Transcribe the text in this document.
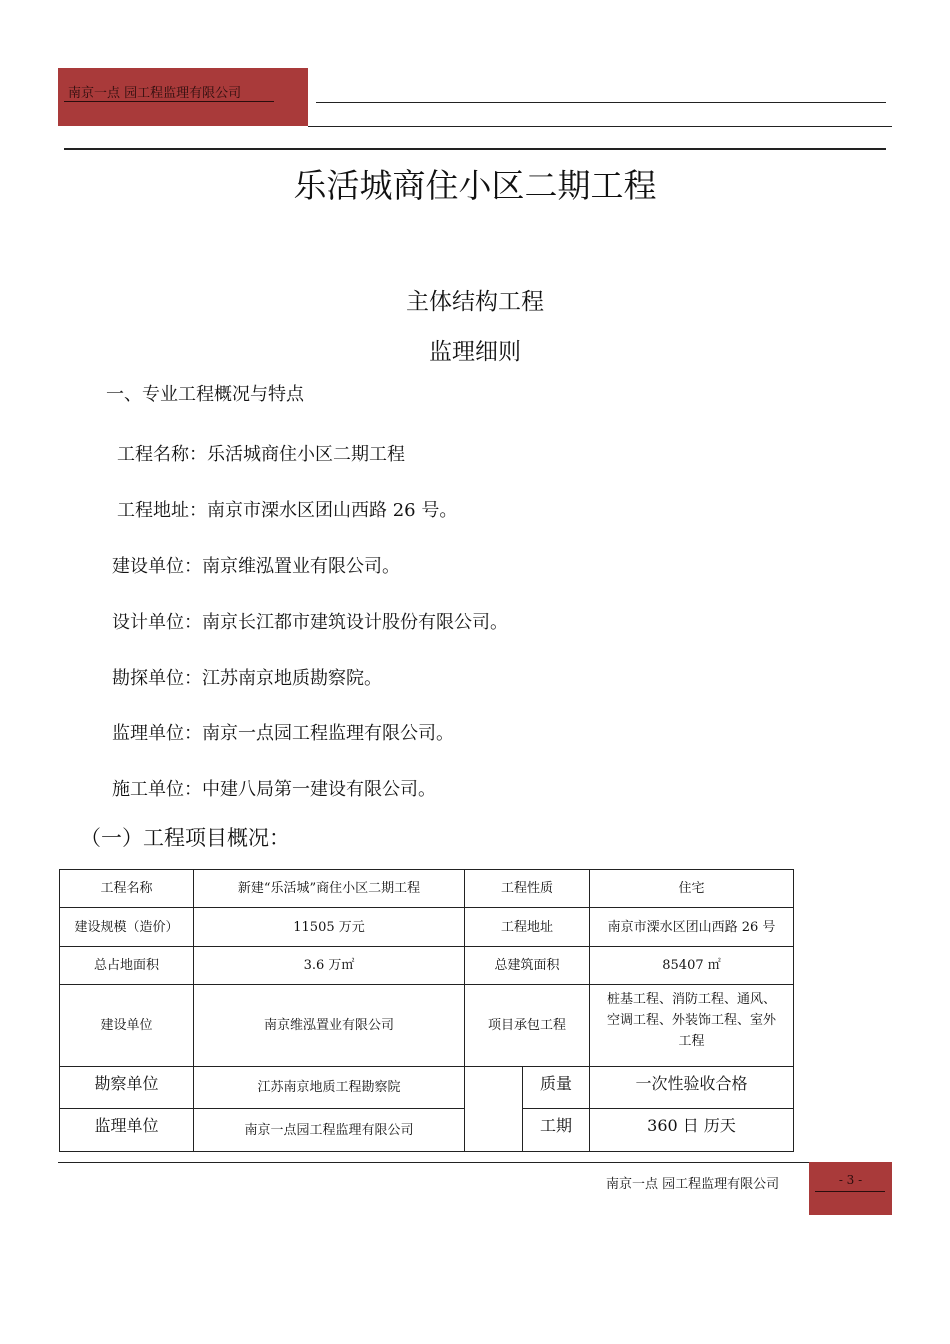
南京一点 园工程监理有限公司
乐活城商住小区二期工程
主体结构工程
监理细则
一、专业工程概况与特点
工程名称：乐活城商住小区二期工程
工程地址：南京市溧水区团山西路 26 号。
建设单位：南京维泓置业有限公司。
设计单位：南京长江都市建筑设计股份有限公司。
勘探单位：江苏南京地质勘察院。
监理单位：南京一点园工程监理有限公司。
施工单位：中建八局第一建设有限公司。
（一）工程项目概况：
工程名称	新建“乐活城”商住小区二期工程	工程性质		住宅
建设规模（造价）	11505 万元	工程地址		南京市溧水区团山西路 26 号
总占地面积	3.6 万㎡	总建筑面积		85407 ㎡
建设单位	南京维泓置业有限公司	项目承包工程		桩基工程、消防工程、通风、空调工程、外装饰工程、室外工程
勘察单位	江苏南京地质工程勘察院		质量	一次性验收合格
监理单位	南京一点园工程监理有限公司		工期	360 日 历天
南京一点 园工程监理有限公司	- 3 -
